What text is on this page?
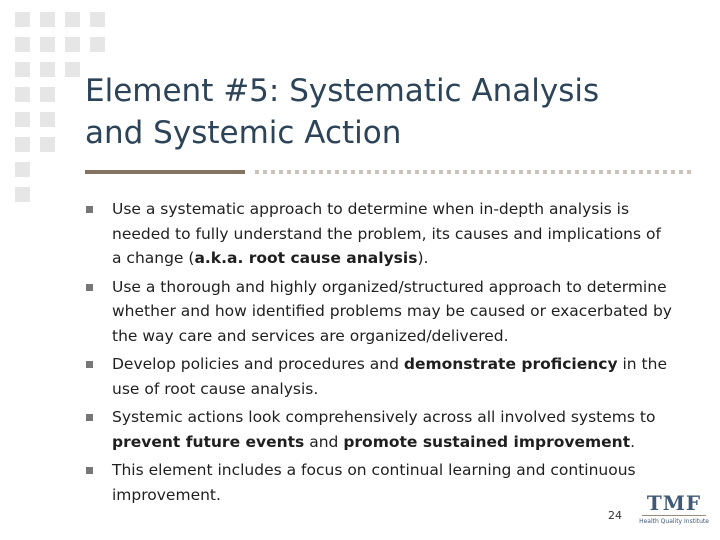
Element #5: Systematic Analysis
and Systemic Action
Use a systematic approach to determine when in-depth analysis is needed to fully understand the problem, its causes and implications of a change (a.k.a. root cause analysis).
Use a thorough and highly organized/structured approach to determine whether and how identified problems may be caused or exacerbated by the way care and services are organized/delivered.
Develop policies and procedures and demonstrate proficiency in the use of root cause analysis.
Systemic actions look comprehensively across all involved systems to prevent future events and promote sustained improvement.
This element includes a focus on continual learning and continuous improvement.
24
TMF
Health Quality Institute
